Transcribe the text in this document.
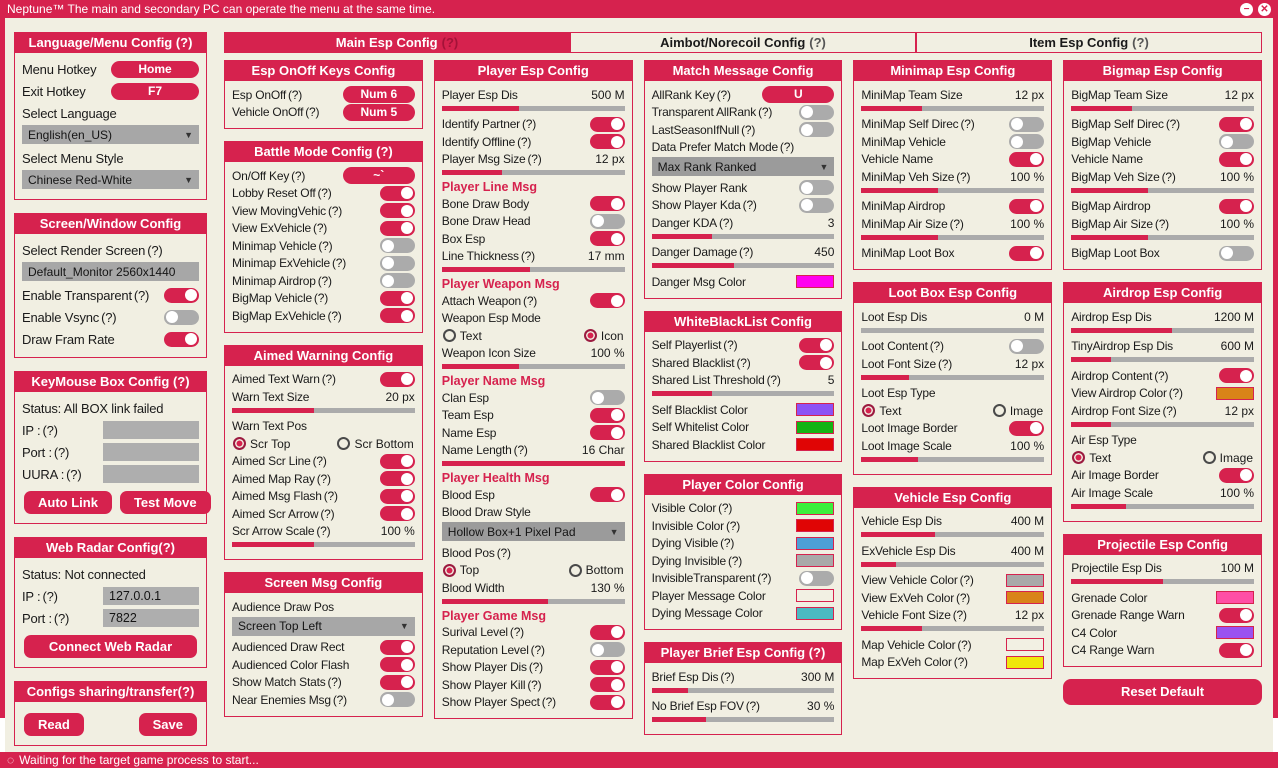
Neptune™ The main and secondary PC can operate the menu at the same time.	−	✕
Language/Menu Config (?)
Menu Hotkey	Home
Exit Hotkey	F7
Select Language
English(en_US)	▼
Select Menu Style
Chinese Red-White	▼
Screen/Window Config
Select Render Screen (?)
Default_Monitor 2560x1440
Enable Transparent (?)
Enable Vsync (?)
Draw Fram Rate
KeyMouse Box Config (?)
Status: All BOX link failed
IP : (?)
Port : (?)
UURA : (?)
Auto Link	Test Move
Web Radar Config(?)
Status: Not connected
IP : (?)	127.0.0.1
Port : (?)	7822
Connect Web Radar
Configs sharing/transfer(?)
Read	Save
Main Esp Config (?)	Aimbot/Norecoil Config (?)	Item Esp Config (?)
Esp OnOff Keys Config
Esp OnOff (?)	Num 6
Vehicle OnOff (?)	Num 5
Battle Mode Config (?)
On/Off Key (?)	~`
Lobby Reset Off (?)
View MovingVehic (?)
View ExVehicle (?)
Minimap Vehicle (?)
Minimap ExVehicle (?)
Minimap Airdrop (?)
BigMap Vehicle (?)
BigMap ExVehicle (?)
Aimed Warning Config
Aimed Text Warn (?)
Warn Text Size	20 px
Warn Text Pos
Scr Top	Scr Bottom
Aimed Scr Line (?)
Aimed Map Ray (?)
Aimed Msg Flash (?)
Aimed Scr Arrow (?)
Scr Arrow Scale (?)	100 %
Screen Msg Config
Audience Draw Pos
Screen Top Left	▼
Audienced Draw Rect
Audienced Color Flash
Show Match Stats (?)
Near Enemies Msg (?)
Player Esp Config
Player Esp Dis	500 M
Identify Partner (?)
Identify Offline (?)
Player Msg Size (?)	12 px
Player Line Msg
Bone Draw Body
Bone Draw Head
Box Esp
Line Thickness (?)	17 mm
Player Weapon Msg
Attach Weapon (?)
Weapon Esp Mode
Text	Icon
Weapon Icon Size	100 %
Player Name Msg
Clan Esp
Team Esp
Name Esp
Name Length (?)	16 Char
Player Health Msg
Blood Esp
Blood Draw Style
Hollow Box+1 Pixel Pad	▼
Blood Pos (?)
Top	Bottom
Blood Width	130 %
Player Game Msg
Surival Level (?)
Reputation Level (?)
Show Player Dis (?)
Show Player Kill (?)
Show Player Spect (?)
Match Message Config
AllRank Key (?)	U
Transparent AllRank (?)
LastSeasonIfNull (?)
Data Prefer Match Mode (?)
Max Rank Ranked	▼
Show Player Rank
Show Player Kda (?)
Danger KDA (?)	3
Danger Damage (?)	450
Danger Msg Color
WhiteBlackList Config
Self Playerlist (?)
Shared Blacklist (?)
Shared List Threshold (?)	5
Self Blacklist Color
Self Whitelist Color
Shared Blacklist Color
Player Color Config
Visible Color (?)
Invisible Color (?)
Dying Visible (?)
Dying Invisible (?)
InvisibleTransparent (?)
Player Message Color
Dying Message Color
Player Brief Esp Config (?)
Brief Esp Dis (?)	300 M
No Brief Esp FOV (?)	30 %
Minimap Esp Config
MiniMap Team Size	12 px
MiniMap Self Direc (?)
MiniMap Vehicle
Vehicle Name
MiniMap Veh Size (?)	100 %
MiniMap Airdrop
MiniMap Air Size (?)	100 %
MiniMap Loot Box
Loot Box Esp Config
Loot Esp Dis	0 M
Loot Content (?)
Loot Font Size (?)	12 px
Loot Esp Type
Text	Image
Loot Image Border
Loot Image Scale	100 %
Vehicle Esp Config
Vehicle Esp Dis	400 M
ExVehicle Esp Dis	400 M
View Vehicle Color (?)
View ExVeh Color (?)
Vehicle Font Size (?)	12 px
Map Vehicle Color (?)
Map ExVeh Color (?)
Bigmap Esp Config
BigMap Team Size	12 px
BigMap Self Direc (?)
BigMap Vehicle
Vehicle Name
BigMap Veh Size (?)	100 %
BigMap Airdrop
BigMap Air Size (?)	100 %
BigMap Loot Box
Airdrop Esp Config
Airdrop Esp Dis	1200 M
TinyAirdrop Esp Dis	600 M
Airdrop Content (?)
View Airdrop Color (?)
Airdrop Font Size (?)	12 px
Air Esp Type
Text	Image
Air Image Border
Air Image Scale	100 %
Projectile Esp Config
Projectile Esp Dis	100 M
Grenade Color
Grenade Range Warn
C4 Color
C4 Range Warn
Reset Default
◌ Waiting for the target game process to start...
